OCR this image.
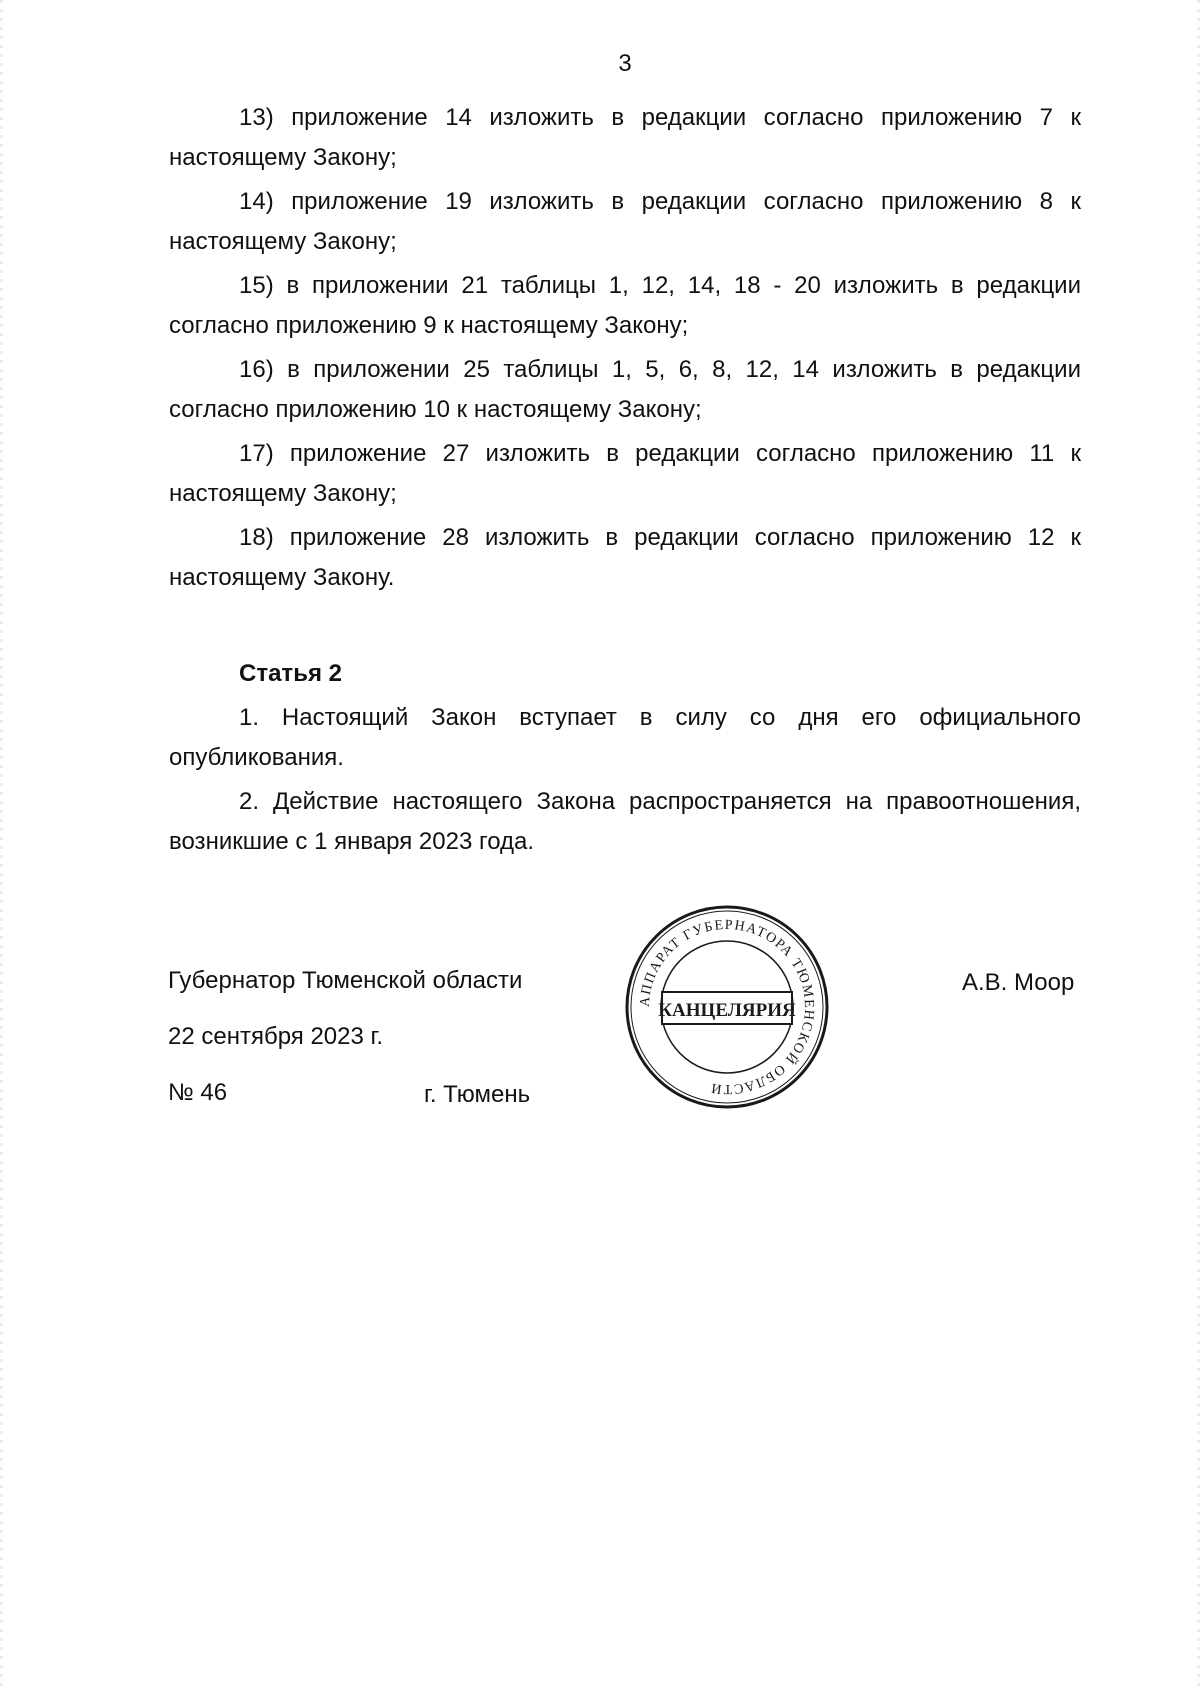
3

13) приложение 14 изложить в редакции согласно приложению 7 к настоящему Закону;

14) приложение 19 изложить в редакции согласно приложению 8 к настоящему Закону;

15) в приложении 21 таблицы 1, 12, 14, 18 - 20 изложить в редакции согласно приложению 9 к настоящему Закону;

16) в приложении 25 таблицы 1, 5, 6, 8, 12, 14 изложить в редакции согласно приложению 10 к настоящему Закону;

17) приложение 27 изложить в редакции согласно приложению 11 к настоящему Закону;

18) приложение 28 изложить в редакции согласно приложению 12 к настоящему Закону.

Статья 2

1. Настоящий Закон вступает в силу со дня его официального опубликования.

2. Действие настоящего Закона распространяется на правоотношения, возникшие с 1 января 2023 года.

Губернатор Тюменской области	А.В. Моор
22 сентября 2023 г.
№ 46	г. Тюмень
АППАРАТ ГУБЕРНАТОРА ТЮМЕНСКОЙ ОБЛАСТИ
КАНЦЕЛЯРИЯ
